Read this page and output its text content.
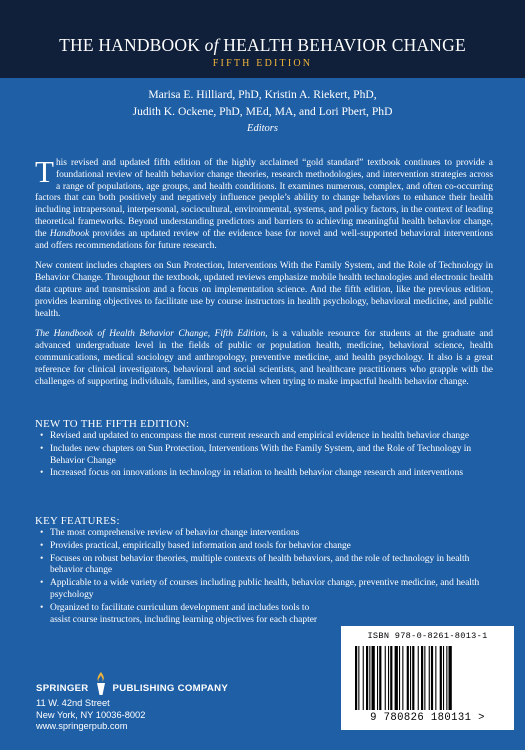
THE HANDBOOK of HEALTH BEHAVIOR CHANGE
FIFTH EDITION
Marisa E. Hilliard, PhD, Kristin A. Riekert, PhD,
Judith K. Ockene, PhD, MEd, MA, and Lori Pbert, PhD
Editors

This revised and updated fifth edition of the highly acclaimed “gold standard” textbook continues to provide a foundational review of health behavior change theories, research methodologies, and intervention strategies across a range of populations, age groups, and health conditions. It examines numerous, complex, and often co-occurring factors that can both positively and negatively influence people’s ability to change behaviors to enhance their health including intrapersonal, interpersonal, sociocultural, environmental, systems, and policy factors, in the context of leading theoretical frameworks. Beyond understanding predictors and barriers to achieving meaningful health behavior change, the Handbook provides an updated review of the evidence base for novel and well-supported behavioral interventions and offers recommendations for future research.

New content includes chapters on Sun Protection, Interventions With the Family System, and the Role of Technology in Behavior Change. Throughout the textbook, updated reviews emphasize mobile health technologies and electronic health data capture and transmission and a focus on implementation science. And the fifth edition, like the previous edition, provides learning objectives to facilitate use by course instructors in health psychology, behavioral medicine, and public health.

The Handbook of Health Behavior Change, Fifth Edition, is a valuable resource for students at the graduate and advanced undergraduate level in the fields of public or population health, medicine, behavioral science, health communications, medical sociology and anthropology, preventive medicine, and health psychology. It also is a great reference for clinical investigators, behavioral and social scientists, and healthcare practitioners who grapple with the challenges of supporting individuals, families, and systems when trying to make impactful health behavior change.

NEW TO THE FIFTH EDITION:
• Revised and updated to encompass the most current research and empirical evidence in health behavior change
• Includes new chapters on Sun Protection, Interventions With the Family System, and the Role of Technology in Behavior Change
• Increased focus on innovations in technology in relation to health behavior change research and interventions
KEY FEATURES:
• The most comprehensive review of behavior change interventions
• Provides practical, empirically based information and tools for behavior change
• Focuses on robust behavior theories, multiple contexts of health behaviors, and the role of technology in health behavior change
• Applicable to a wide variety of courses including public health, behavior change, preventive medicine, and health psychology
• Organized to facilitate curriculum development and includes tools to assist course instructors, including learning objectives for each chapter
SPRINGER	PUBLISHING COMPANY
11 W. 42nd Street
New York, NY 10036-8002
www.springerpub.com
ISBN 978-0-8261-8013-1
9 780826 180131 >
